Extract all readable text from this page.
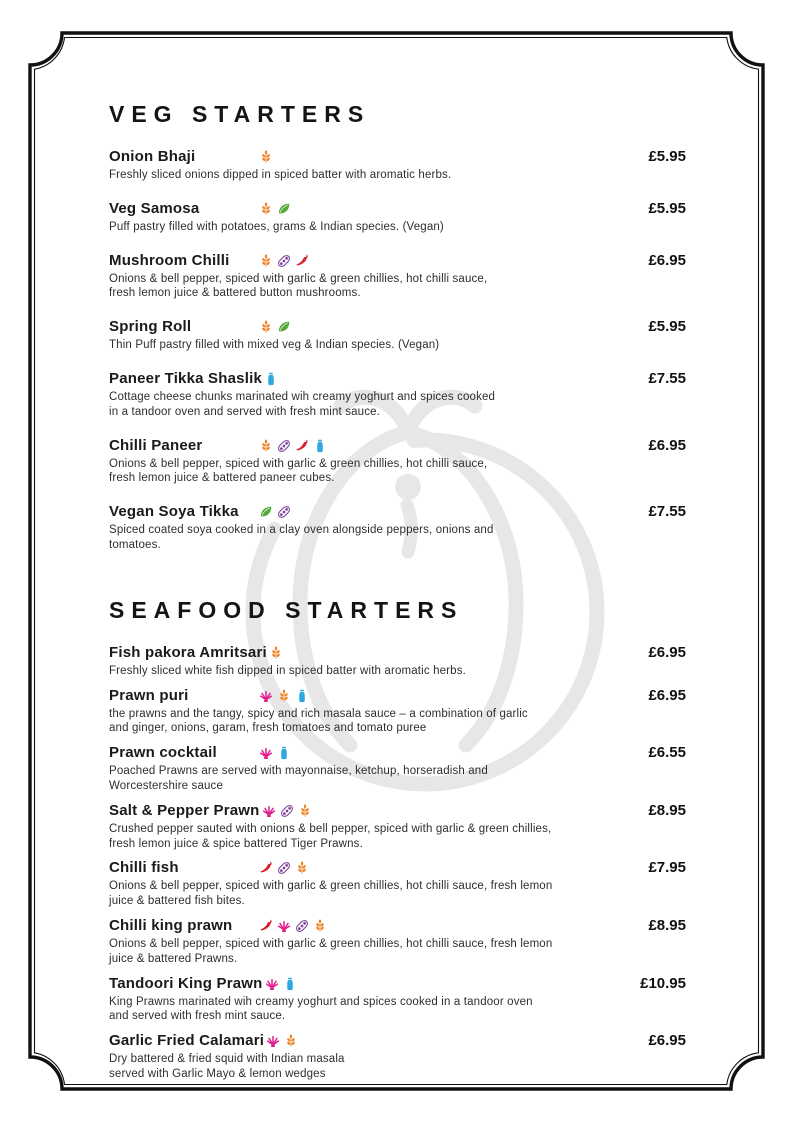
VEG STARTERS
Onion Bhaji	£5.95
Freshly sliced onions dipped in spiced batter with aromatic herbs.
Veg Samosa	£5.95
Puff pastry filled with potatoes, grams & Indian species. (Vegan)
Mushroom Chilli	£6.95
Onions & bell pepper, spiced with garlic & green chillies, hot chilli sauce,
fresh lemon juice & battered button mushrooms.
Spring Roll	£5.95
Thin Puff pastry filled with mixed veg & Indian species. (Vegan)
Paneer Tikka Shaslik	£7.55
Cottage cheese chunks marinated wih creamy yoghurt and spices cooked
in a tandoor oven and served with fresh mint sauce.
Chilli Paneer	£6.95
Onions & bell pepper, spiced with garlic & green chillies, hot chilli sauce,
fresh lemon juice & battered paneer cubes.
Vegan Soya Tikka	£7.55
Spiced coated soya cooked in a clay oven alongside peppers, onions and
tomatoes.
SEAFOOD STARTERS
Fish pakora Amritsari	£6.95
Freshly sliced white fish dipped in spiced batter with aromatic herbs.
Prawn puri	£6.95
the prawns and the tangy, spicy and rich masala sauce – a combination of garlic
and ginger, onions, garam, fresh tomatoes and tomato puree
Prawn cocktail	£6.55
Poached Prawns are served with mayonnaise, ketchup, horseradish and
Worcestershire sauce
Salt & Pepper Prawn	£8.95
Crushed pepper sauted with onions & bell pepper, spiced with garlic & green chillies,
fresh lemon juice & spice battered Tiger Prawns.
Chilli fish	£7.95
Onions & bell pepper, spiced with garlic & green chillies, hot chilli sauce, fresh lemon
juice & battered fish bites.
Chilli king prawn	£8.95
Onions & bell pepper, spiced with garlic & green chillies, hot chilli sauce, fresh lemon
juice & battered Prawns.
Tandoori King Prawn	£10.95
King Prawns marinated wih creamy yoghurt and spices cooked in a tandoor oven
and served with fresh mint sauce.
Garlic Fried Calamari	£6.95
Dry battered & fried squid with Indian masala
served with Garlic Mayo & lemon wedges
